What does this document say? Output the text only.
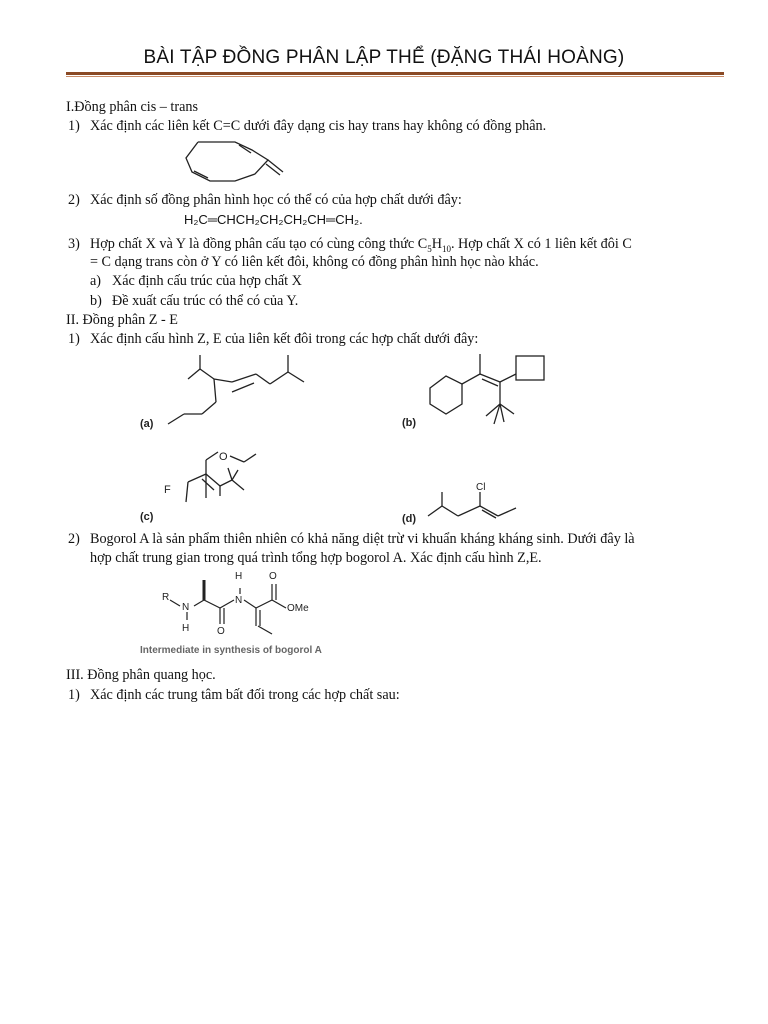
BÀI TẬP ĐỒNG PHÂN LẬP THỂ (ĐẶNG THÁI HOÀNG)
I.Đồng phân cis – trans
1) Xác định các liên kết C=C dưới đây dạng cis hay trans hay không có đồng phân.
2) Xác định số đồng phân hình học có thể có của hợp chất dưới đây:
H₂C═CHCH₂CH₂CH₂CH═CH₂.
3) Hợp chất X và Y là đồng phân cấu tạo có cùng công thức $C_5H_{10}$. Hợp chất X có 1 liên kết đôi C
= C dạng trans còn ở Y có liên kết đôi, không có đồng phân hình học nào khác.
a) Xác định cấu trúc của hợp chất X
b) Đề xuất cấu trúc có thể có của Y.
II. Đồng phân Z - E
1) Xác định cấu hình Z, E của liên kết đôi trong các hợp chất dưới đây:
(a)	(b)
O
F
(c)
Cl
(d)
2) Bogorol A là sản phẩm thiên nhiên có khả năng diệt trừ vi khuẩn kháng kháng sinh. Dưới đây là
hợp chất trung gian trong quá trình tổng hợp bogorol A. Xác định cấu hình Z,E.
R
N
H	O
N
H	O
OMe
Intermediate in synthesis of bogorol A
III. Đồng phân quang học.
1) Xác định các trung tâm bất đối trong các hợp chất sau:
